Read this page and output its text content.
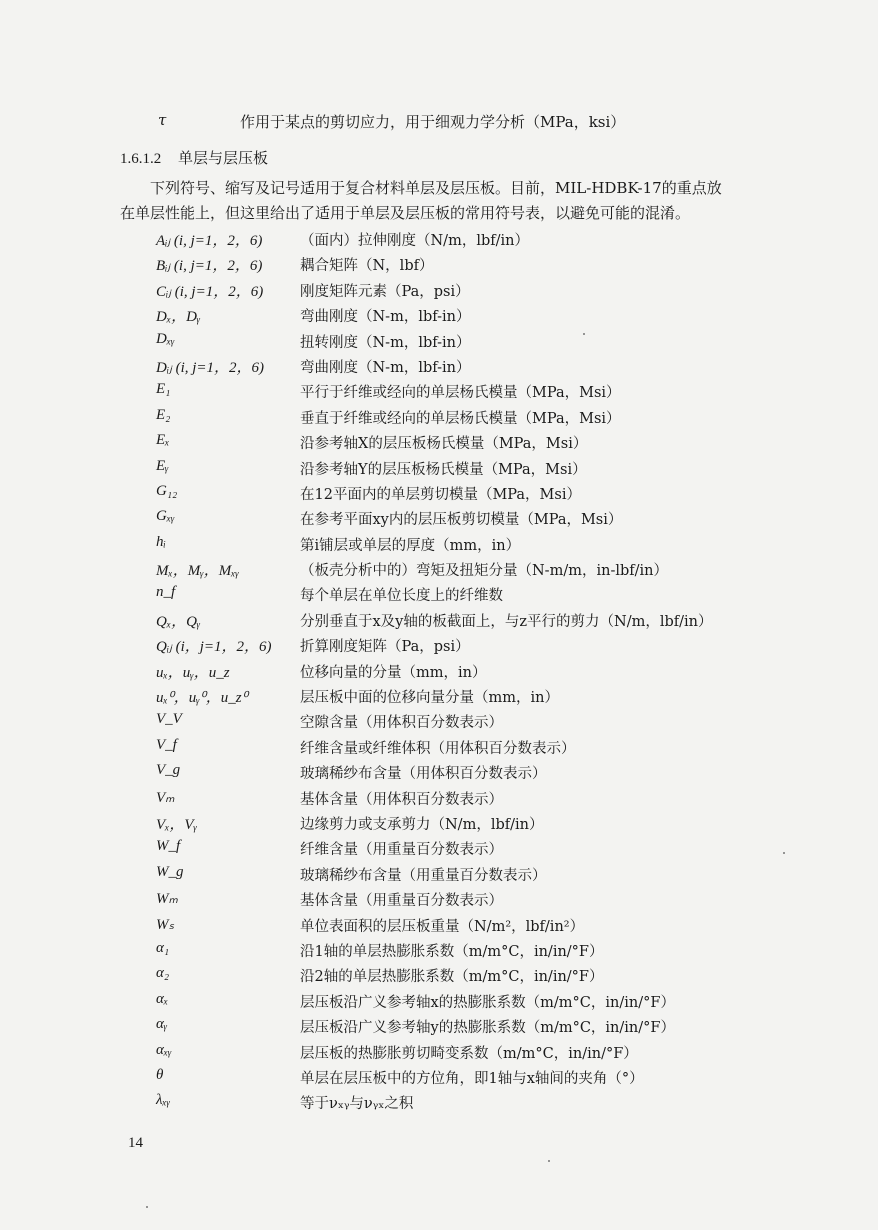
τ	作用于某点的剪切应力，用于细观力学分析（MPa，ksi）
1.6.1.2 单层与层压板
下列符号、缩写及记号适用于复合材料单层及层压板。目前，MIL-HDBK-17的重点放
在单层性能上，但这里给出了适用于单层及层压板的常用符号表，以避免可能的混淆。
Aᵢⱼ (i, j=1，2，6)	（面内）拉伸刚度（N/m，lbf/in）
Bᵢⱼ (i, j=1，2，6)	耦合矩阵（N，lbf）
Cᵢⱼ (i, j=1，2，6)	刚度矩阵元素（Pa，psi）
Dₓ，Dᵧ	弯曲刚度（N-m，lbf-in）
Dₓᵧ	扭转刚度（N-m，lbf-in）
Dᵢⱼ (i, j=1，2，6) 弯曲刚度（N-m，lbf-in）
E₁	平行于纤维或经向的单层杨氏模量（MPa，Msi）
E₂	垂直于纤维或经向的单层杨氏模量（MPa，Msi）
Eₓ	沿参考轴X的层压板杨氏模量（MPa，Msi）
Eᵧ	沿参考轴Y的层压板杨氏模量（MPa，Msi）
G₁₂	在12平面内的单层剪切模量（MPa，Msi）
Gₓᵧ	在参考平面xy内的层压板剪切模量（MPa，Msi）
hᵢ	第i铺层或单层的厚度（mm，in）
Mₓ，Mᵧ，Mₓᵧ	（板壳分析中的）弯矩及扭矩分量（N-m/m，in-lbf/in）
n_f	每个单层在单位长度上的纤维数
Qₓ，Qᵧ	分别垂直于x及y轴的板截面上，与z平行的剪力（N/m，lbf/in）
Qᵢⱼ (i，j=1，2，6) 折算刚度矩阵（Pa，psi）
uₓ，uᵧ，u_z	位移向量的分量（mm，in）
uₓ⁰，uᵧ⁰，u_z⁰	层压板中面的位移向量分量（mm，in）
V_V	空隙含量（用体积百分数表示）
V_f	纤维含量或纤维体积（用体积百分数表示）
V_g	玻璃稀纱布含量（用体积百分数表示）
Vₘ	基体含量（用体积百分数表示）
Vₓ，Vᵧ	边缘剪力或支承剪力（N/m，lbf/in）
W_f	纤维含量（用重量百分数表示）
W_g	玻璃稀纱布含量（用重量百分数表示）
Wₘ	基体含量（用重量百分数表示）
Wₛ	单位表面积的层压板重量（N/m²，lbf/in²）
α₁	沿1轴的单层热膨胀系数（m/m°C，in/in/°F）
α₂	沿2轴的单层热膨胀系数（m/m°C，in/in/°F）
αₓ	层压板沿广义参考轴x的热膨胀系数（m/m°C，in/in/°F）
αᵧ	层压板沿广义参考轴y的热膨胀系数（m/m°C，in/in/°F）
αₓᵧ	层压板的热膨胀剪切畸变系数（m/m°C，in/in/°F）
θ	单层在层压板中的方位角，即1轴与x轴间的夹角（°）
λₓᵧ	等于νₓᵧ与νᵧₓ之积
14
